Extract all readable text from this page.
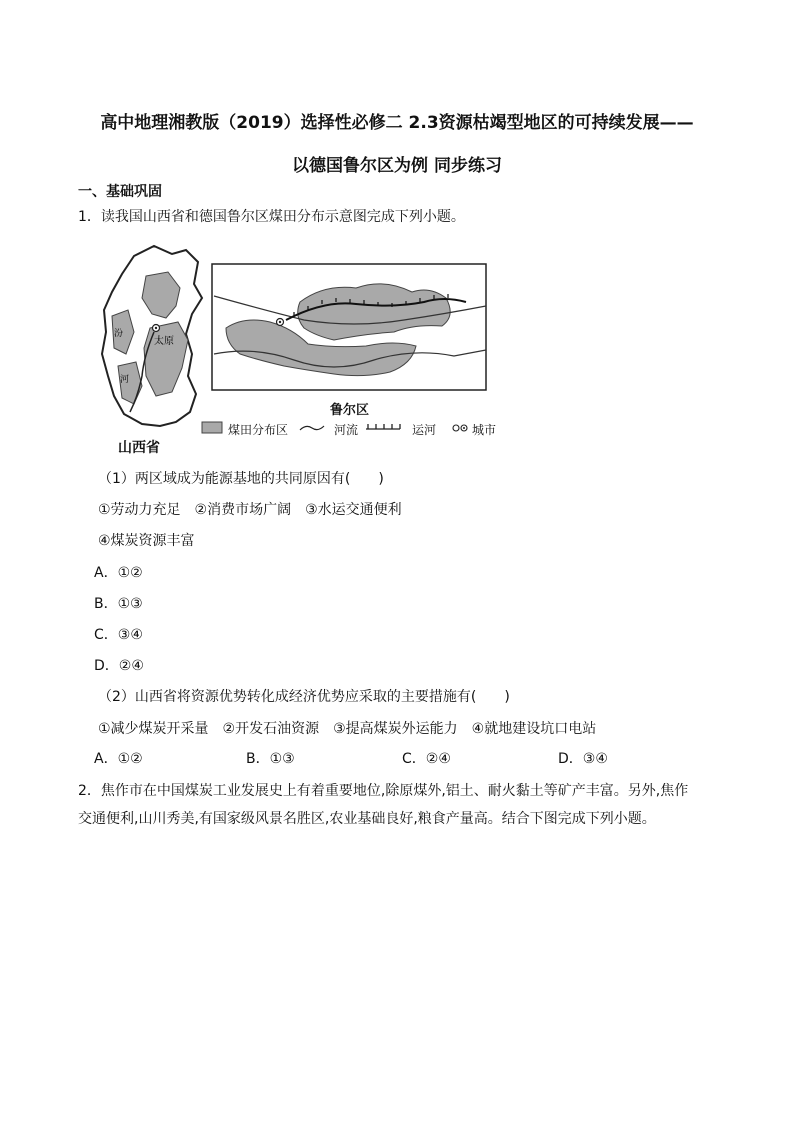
高中地理湘教版（2019）选择性必修二 2.3资源枯竭型地区的可持续发展——
以德国鲁尔区为例 同步练习
一、基础巩固
1．读我国山西省和德国鲁尔区煤田分布示意图完成下列小题。
太原
汾
河
鲁尔区
山西省
煤田分布区	河流	运河	城市
（1）两区域成为能源基地的共同原因有(　　)
①劳动力充足　②消费市场广阔　③水运交通便利
④煤炭资源丰富
A．①②
B．①③
C．③④
D．②④
（2）山西省将资源优势转化成经济优势应采取的主要措施有(　　)
①减少煤炭开采量　②开发石油资源　③提高煤炭外运能力　④就地建设坑口电站
A．①②	B．①③	C．②④	D．③④
2．焦作市在中国煤炭工业发展史上有着重要地位,除原煤外,铝土、耐火黏土等矿产丰富。另外,焦作
交通便利,山川秀美,有国家级风景名胜区,农业基础良好,粮食产量高。结合下图完成下列小题。
